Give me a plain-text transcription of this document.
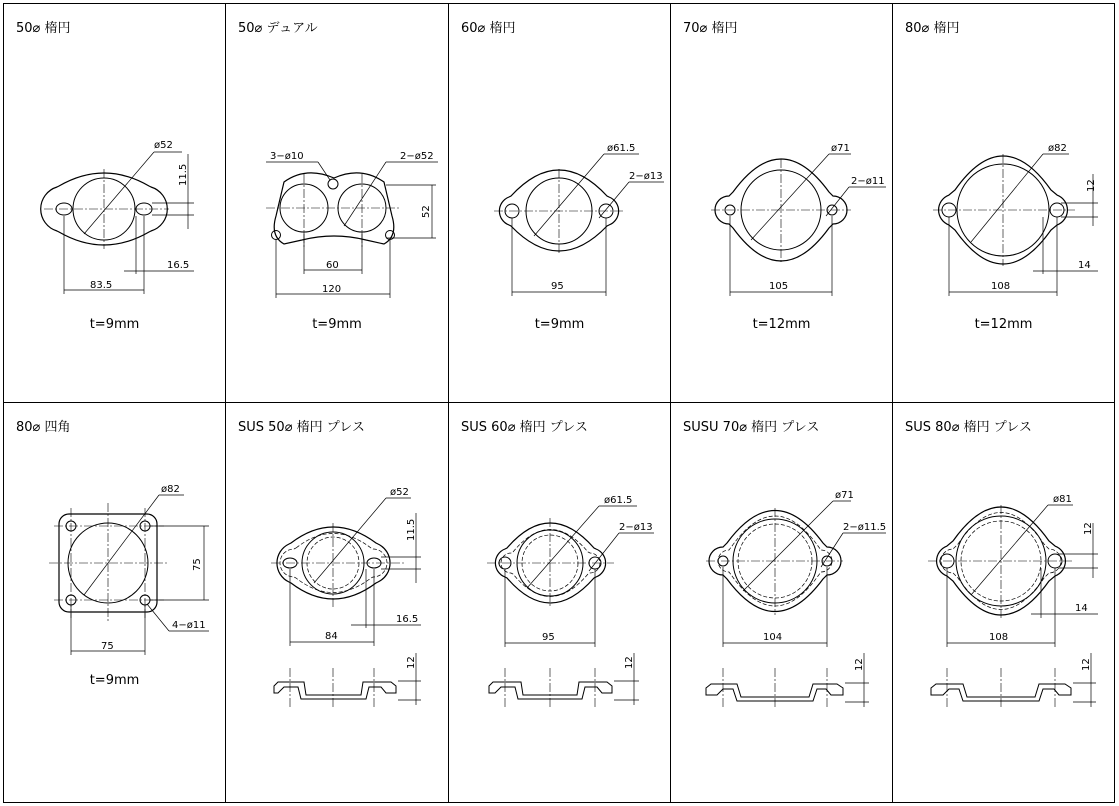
50⌀ 楕円
ø52
11.5
83.5
16.5
t=9mm
50⌀ デュアル
3−ø10	2−ø52
52
60
120
t=9mm
60⌀ 楕円
ø61.5
2−ø13
95
t=9mm
70⌀ 楕円
ø71
2−ø11
105
t=12mm
80⌀ 楕円
ø82
12
108
14
t=12mm
80⌀ 四角
ø82
75
75
4−ø11
t=9mm
SUS 50⌀ 楕円 プレス
ø52
11.5
84
16.5
12
SUS 60⌀ 楕円 プレス
ø61.5
2−ø13
95
12
SUSU 70⌀ 楕円 プレス
ø71
2−ø11.5
104
12
SUS 80⌀ 楕円 プレス
ø81
12
108
14
12
